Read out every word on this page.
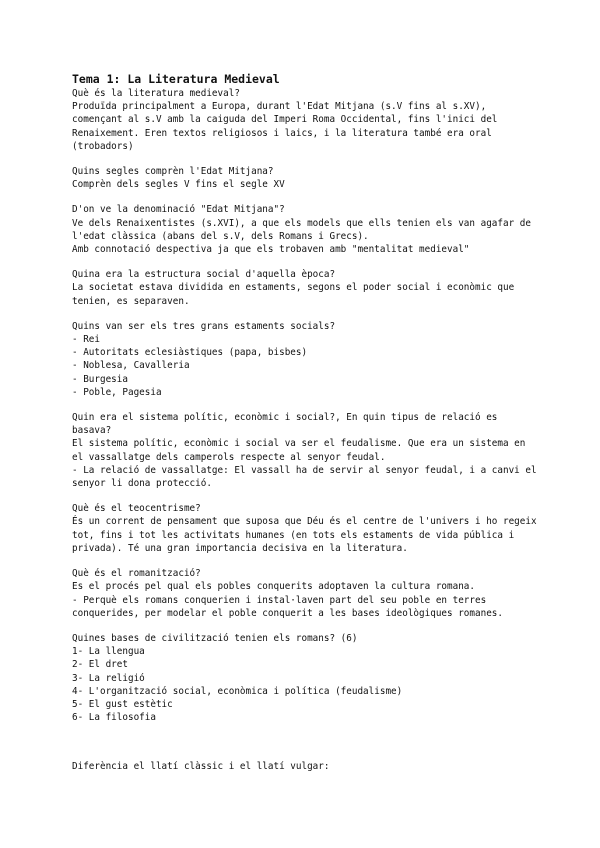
Tema 1: La Literatura Medieval
Què és la literatura medieval?
Produïda principalment a Europa, durant l'Edat Mitjana (s.V fins al s.XV), començant al s.V amb la caiguda del Imperi Roma Occidental, fins l'inici del Renaixement. Eren textos religiosos i laics, i la literatura també era oral (trobadors)
Quins segles comprèn l'Edat Mitjana?
Comprèn dels segles V fins el segle XV
D'on ve la denominació "Edat Mitjana"?
Ve dels Renaixentistes (s.XVI), a que els models que ells tenien els van agafar de l'edat clàssica (abans del s.V, dels Romans i Grecs).
Amb connotació despectiva ja que els trobaven amb "mentalitat medieval"
Quina era la estructura social d'aquella època?
La societat estava dividida en estaments, segons el poder social i econòmic que tenien, es separaven.
Quins van ser els tres grans estaments socials?
- Rei
- Autoritats eclesiàstiques (papa, bisbes)
- Noblesa, Cavalleria
- Burgesia
- Poble, Pagesia
Quin era el sistema polític, econòmic i social?, En quin tipus de relació es basava?
El sistema polític, econòmic i social va ser el feudalisme. Que era un sistema en el vassallatge dels camperols respecte al senyor feudal.
- La relació de vassallatge: El vassall ha de servir al senyor feudal, i a canvi el senyor li dona protecció.
Què és el teocentrisme?
És un corrent de pensament que suposa que Déu és el centre de l'univers i ho regeix tot, fins i tot les activitats humanes (en tots els estaments de vida pública i privada). Té una gran importancia decisiva en la literatura.
Què és el romanització?
Es el procés pel qual els pobles conquerits adoptaven la cultura romana.
- Perquè els romans conquerien i instal·laven part del seu poble en terres conquerides, per modelar el poble conquerit a les bases ideològiques romanes.
Quines bases de civilització tenien els romans? (6)
1- La llengua
2- El dret
3- La religió
4- L'organització social, econòmica i política (feudalisme)
5- El gust estètic
6- La filosofia
Diferència el llatí clàssic i el llatí vulgar:
